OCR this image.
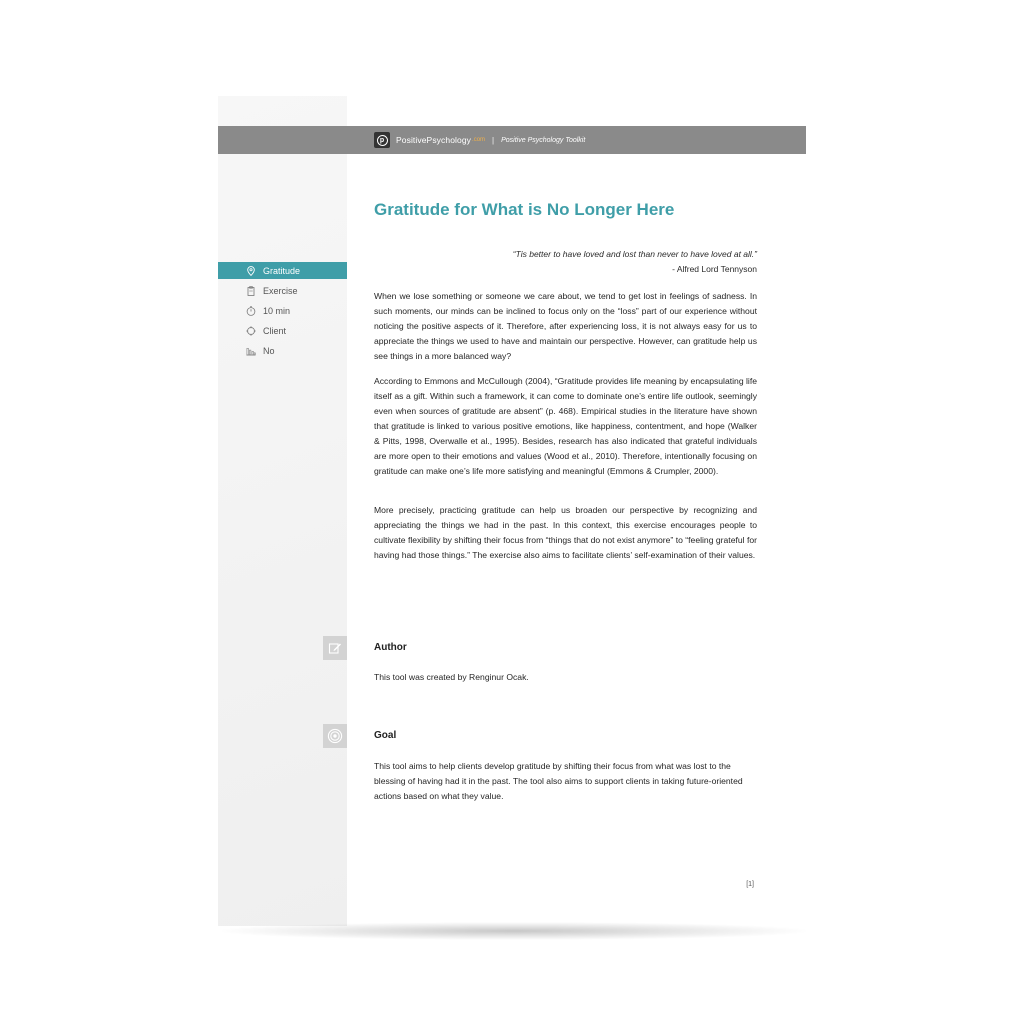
p	PositivePsychology .com | Positive Psychology Toolkit
Gratitude for What is No Longer Here
“Tis better to have loved and lost than never to have loved at all.”
- Alfred Lord Tennyson
Gratitude
Exercise
10 min
Client
No
When we lose something or someone we care about, we tend to get lost in feelings of sadness. In such moments, our minds can be inclined to focus only on the “loss” part of our experience without noticing the positive aspects of it. Therefore, after experiencing loss, it is not always easy for us to appreciate the things we used to have and maintain our perspective. However, can gratitude help us see things in a more balanced way?
According to Emmons and McCullough (2004), “Gratitude provides life meaning by encapsulating life itself as a gift. Within such a framework, it can come to dominate one’s entire life outlook, seemingly even when sources of gratitude are absent” (p. 468). Empirical studies in the literature have shown that gratitude is linked to various positive emotions, like happiness, contentment, and hope (Walker & Pitts, 1998, Overwalle et al., 1995). Besides, research has also indicated that grateful individuals are more open to their emotions and values (Wood et al., 2010). Therefore, intentionally focusing on gratitude can make one’s life more satisfying and meaningful (Emmons & Crumpler, 2000).
More precisely, practicing gratitude can help us broaden our perspective by recognizing and appreciating the things we had in the past. In this context, this exercise encourages people to cultivate flexibility by shifting their focus from “things that do not exist anymore” to “feeling grateful for having had those things.” The exercise also aims to facilitate clients’ self-examination of their values.
Author
This tool was created by Renginur Ocak.
Goal
This tool aims to help clients develop gratitude by shifting their focus from what was lost to the blessing of having had it in the past. The tool also aims to support clients in taking future-oriented actions based on what they value.
[1]
